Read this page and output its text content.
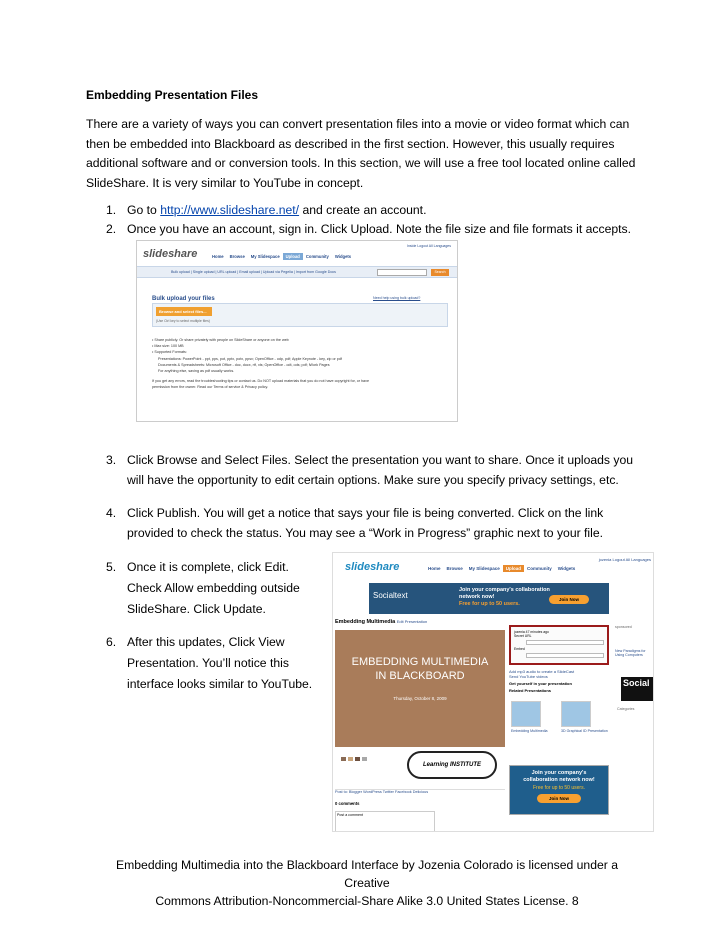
Embedding Presentation Files
There are a variety of ways you can convert presentation files into a movie or video format which can then be embedded into Blackboard as described in the first section. However, this usually requires additional software and or conversion tools. In this section, we will use a free tool located online called SlideShare. It is very similar to YouTube in concept.
1. Go to http://www.slideshare.net/ and create an account.
2. Once you have an account, sign in. Click Upload. Note the file size and file formats it accepts.
slideshare
Inside Logout All Languages
Home Browse My Slidespace Upload Community Widgets
Bulk upload | Single upload | URL upload | Email upload | Upload via Pegelia | Import from Google Docs	Search
Bulk upload your files	Need help using bulk upload?
Browse and select files...
(Use Ctrl key to select multiple files)
• Share publicly. Or share privately with people on SlideShare or anyone on the web
• Max size: 100 MB
• Supported Formats:
Presentations: PowerPoint - ppt, pps, pot, pptx, potx, ppsx; OpenOffice - odp, pdf; Apple Keynote - key, zip or pdf
Documents & Spreadsheets: Microsoft Office - doc, docx, rtf, xls; OpenOffice - odt, ods; pdf; iWork Pages
For anything else, saving as pdf usually works.
If you get any errors, read the troubleshooting tips or contact us. Do NOT upload materials that you do not have copyright for, or have
permission from the owner. Read our Terms of service & Privacy policy.
3. Click Browse and Select Files. Select the presentation you want to share. Once it uploads you
will have the opportunity to edit certain options. Make sure you specify privacy settings, etc.
4. Click Publish. You will get a notice that says your file is being converted. Click on the link
provided to check the status. You may see a “Work in Progress” graphic next to your file.
5. Once it is complete, click Edit.
Check Allow embedding outside
SlideShare. Click Update.
6. After this updates, Click View
Presentation. You’ll notice this
interface looks similar to YouTube.
slideshare
jozenia Logout All Languages
Home Browse My Slidespace Upload Community Widgets
Socialtext
Join your company's collaboration
network now!
Free for up to 50 users.
Join Now
Embedding Multimedia Edit Presentation
EMBEDDING MULTIMEDIA
IN BLACKBOARD
Thursday, October 8, 2009
Learning INSTITUTE
Post to: Blogger WordPress Twitter Facebook Delicious
0 comments
Post a comment
jozenia 47 minutes ago
Secret URL
Embed
Add mp3 audio to create a SlideCast
Send YouTube videos
Get yourself in your presentation
Related Presentations
Embedding Multimedia	3D Graphical ID Presentation
sponsored
New Paradigms for Using Computers
Social
Categories
Join your company's
collaboration network now!
Free for up to 50 users.
Join Now
Embedding Multimedia into the Blackboard Interface by Jozenia Colorado is licensed under a Creative
Commons Attribution-Noncommercial-Share Alike 3.0 United States License. 8
